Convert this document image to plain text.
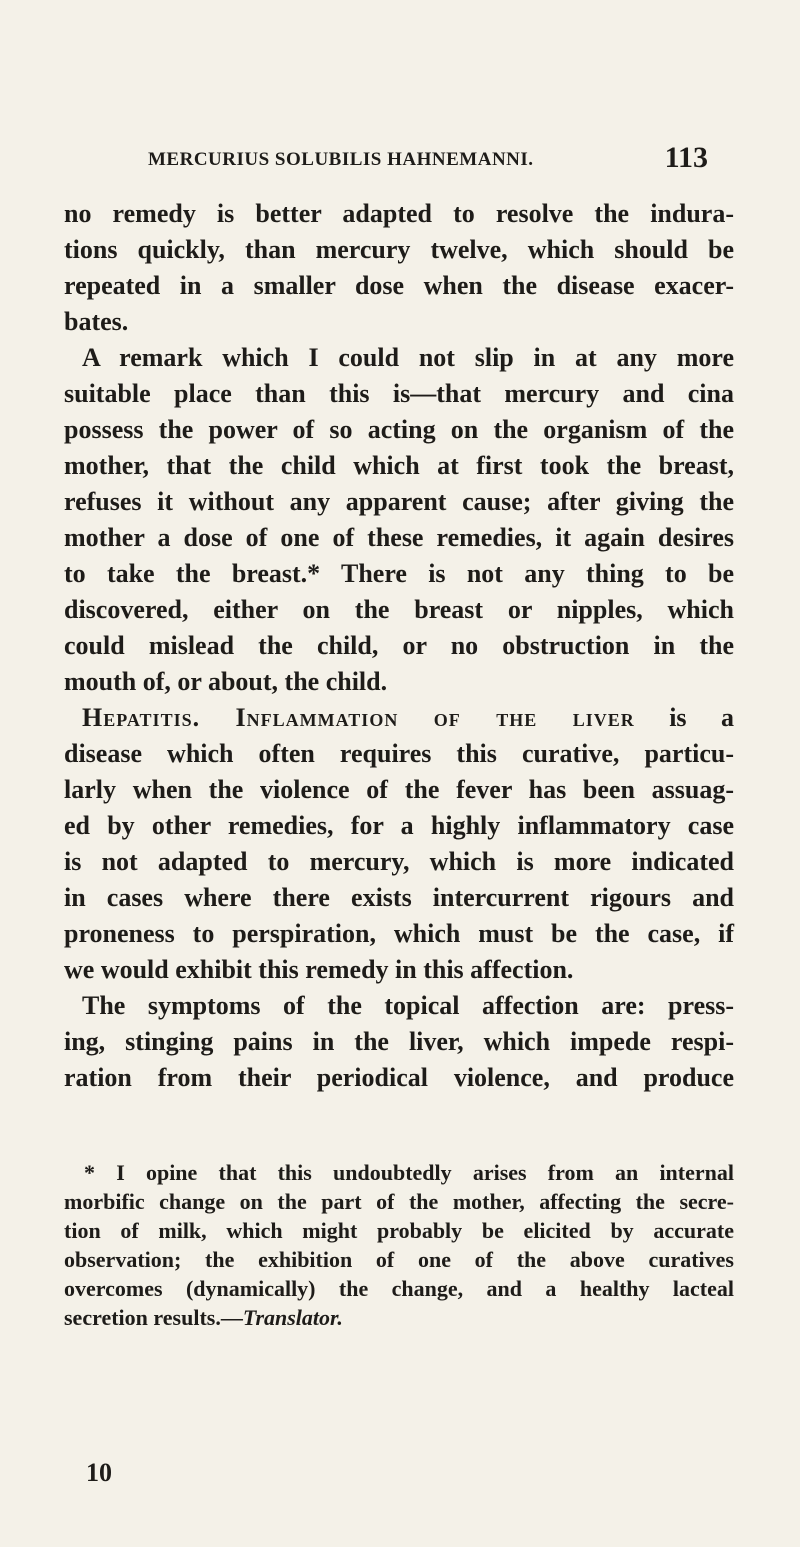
MERCURIUS SOLUBILIS HAHNEMANNI.	113
no remedy is better adapted to resolve the indura-
tions quickly, than mercury twelve, which should be
repeated in a smaller dose when the disease exacer-
bates.
A remark which I could not slip in at any more
suitable place than this is—that mercury and cina
possess the power of so acting on the organism of the
mother, that the child which at first took the breast,
refuses it without any apparent cause; after giving the
mother a dose of one of these remedies, it again desires
to take the breast.* There is not any thing to be
discovered, either on the breast or nipples, which
could mislead the child, or no obstruction in the
mouth of, or about, the child.
Hepatitis. Inflammation of the liver is a
disease which often requires this curative, particu-
larly when the violence of the fever has been assuag-
ed by other remedies, for a highly inflammatory case
is not adapted to mercury, which is more indicated
in cases where there exists intercurrent rigours and
proneness to perspiration, which must be the case, if
we would exhibit this remedy in this affection.
The symptoms of the topical affection are: press-
ing, stinging pains in the liver, which impede respi-
ration from their periodical violence, and produce
* I opine that this undoubtedly arises from an internal
morbific change on the part of the mother, affecting the secre-
tion of milk, which might probably be elicited by accurate
observation; the exhibition of one of the above curatives
overcomes (dynamically) the change, and a healthy lacteal
secretion results.—Translator.
10
